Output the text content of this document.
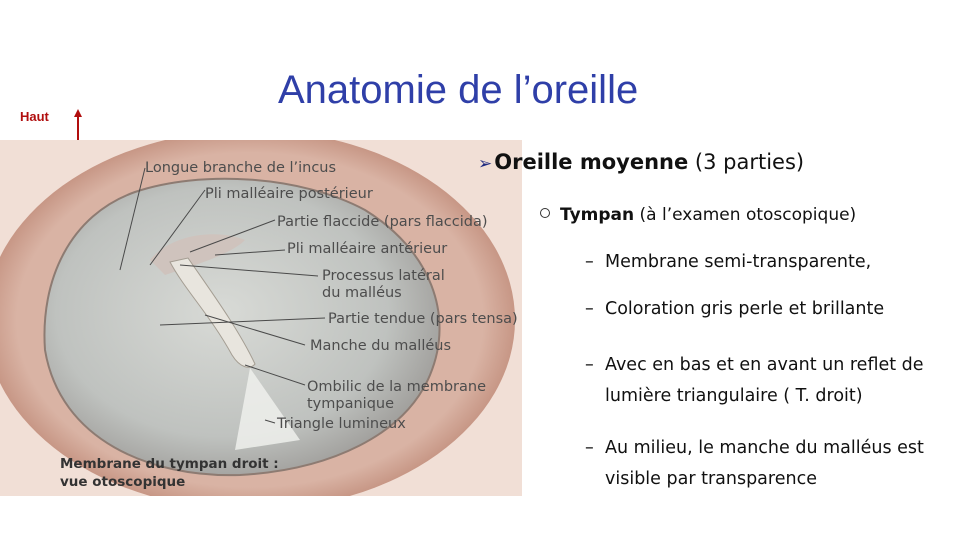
Anatomie de l’oreille
Haut
Longue branche de l’incus
Pli malléaire postérieur
Partie flaccide (pars flaccida)
Pli malléaire antérieur
Processus latéral
du malléus
Partie tendue (pars tensa)
Manche du malléus
Ombilic de la membrane
tympanique
Triangle lumineux
Membrane du tympan droit :
vue otoscopique
➢Oreille moyenne (3 parties)
Tympan (à l’examen otoscopique)
– Membrane semi-transparente,
– Coloration gris perle et brillante
– Avec en bas et en avant un reflet de lumière triangulaire ( T. droit)
– Au milieu, le manche du malléus est visible par transparence
